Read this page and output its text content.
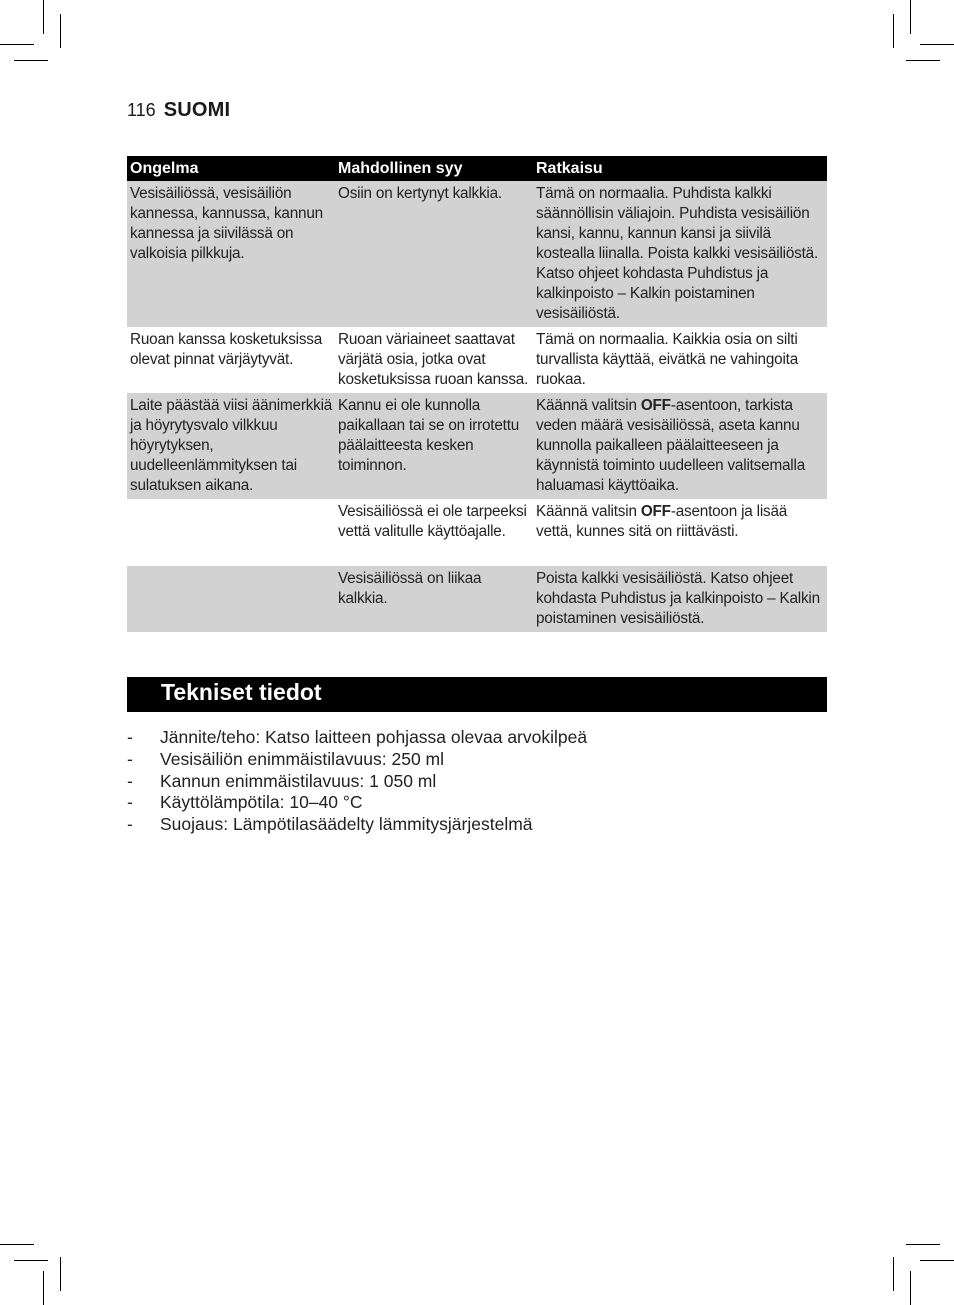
116 SUOMI
Ongelma	Mahdollinen syy	Ratkaisu
Vesisäiliössä, vesisäiliön kannessa, kannussa, kannun kannessa ja siivilässä on valkoisia pilkkuja.	Osiin on kertynyt kalkkia.	Tämä on normaalia. Puhdista kalkki säännöllisin väliajoin. Puhdista vesisäiliön kansi, kannu, kannun kansi ja siivilä kostealla liinalla. Poista kalkki vesisäiliöstä. Katso ohjeet kohdasta Puhdistus ja kalkinpoisto – Kalkin poistaminen vesisäiliöstä.
Ruoan kanssa kosketuksissa olevat pinnat värjäytyvät.	Ruoan väriaineet saattavat värjätä osia, jotka ovat kosketuksissa ruoan kanssa.	Tämä on normaalia. Kaikkia osia on silti turvallista käyttää, eivätkä ne vahingoita ruokaa.
Laite päästää viisi äänimerkkiä ja höyrytysvalo vilkkuu höyrytyksen, uudelleenlämmityksen tai sulatuksen aikana.	Kannu ei ole kunnolla paikallaan tai se on irrotettu päälaitteesta kesken toiminnon.	Käännä valitsin OFF-asentoon, tarkista veden määrä vesisäiliössä, aseta kannu kunnolla paikalleen päälaitteeseen ja käynnistä toiminto uudelleen valitsemalla haluamasi käyttöaika.
	Vesisäiliössä ei ole tarpeeksi vettä valitulle käyttöajalle.	Käännä valitsin OFF-asentoon ja lisää vettä, kunnes sitä on riittävästi.
	Vesisäiliössä on liikaa kalkkia.	Poista kalkki vesisäiliöstä. Katso ohjeet kohdasta Puhdistus ja kalkinpoisto – Kalkin poistaminen vesisäiliöstä.
Tekniset tiedot
- Jännite/teho: Katso laitteen pohjassa olevaa arvokilpeä
- Vesisäiliön enimmäistilavuus: 250 ml
- Kannun enimmäistilavuus: 1 050 ml
- Käyttölämpötila: 10–40 °C
- Suojaus: Lämpötilasäädelty lämmitysjärjestelmä
